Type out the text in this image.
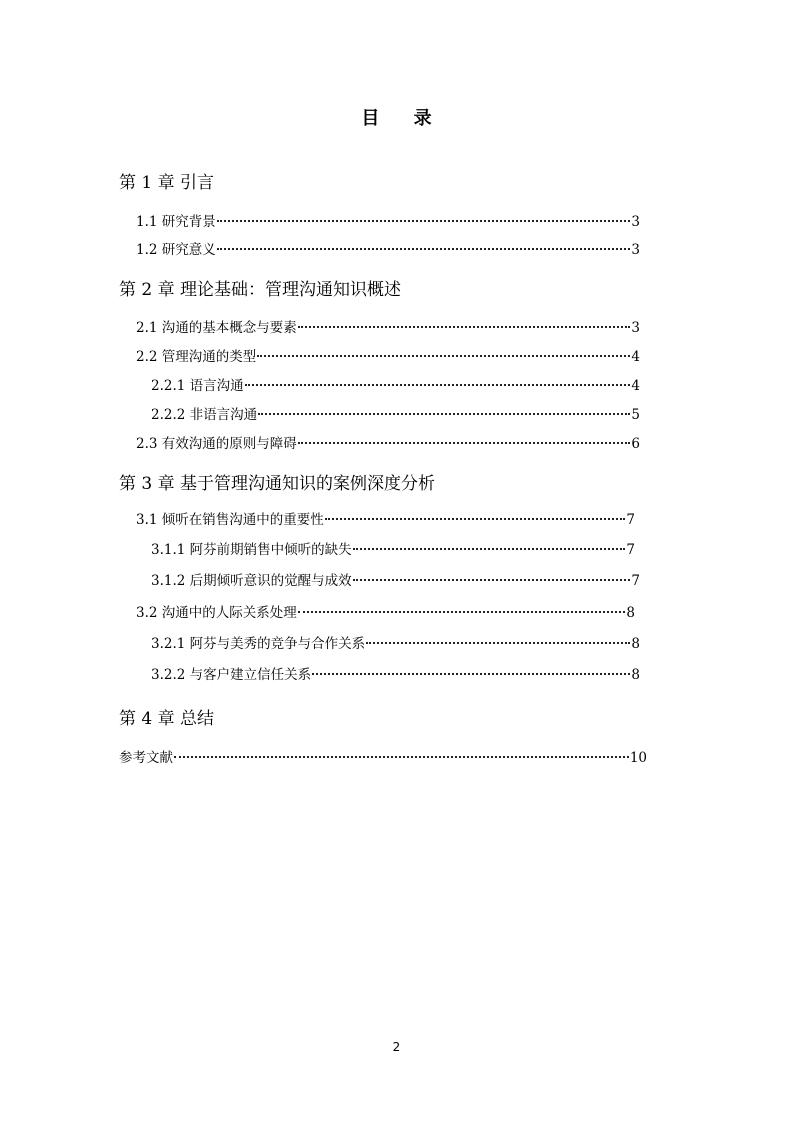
目 录
第 1 章 引言
1.1 研究背景	3
1.2 研究意义	3
第 2 章 理论基础：管理沟通知识概述
2.1 沟通的基本概念与要素	3
2.2 管理沟通的类型	4
2.2.1 语言沟通	4
2.2.2 非语言沟通	5
2.3 有效沟通的原则与障碍	6
第 3 章 基于管理沟通知识的案例深度分析
3.1 倾听在销售沟通中的重要性	7
3.1.1 阿芬前期销售中倾听的缺失	7
3.1.2 后期倾听意识的觉醒与成效	7
3.2 沟通中的人际关系处理	8
3.2.1 阿芬与美秀的竞争与合作关系	8
3.2.2 与客户建立信任关系	8
第 4 章 总结
参考文献	10
2
